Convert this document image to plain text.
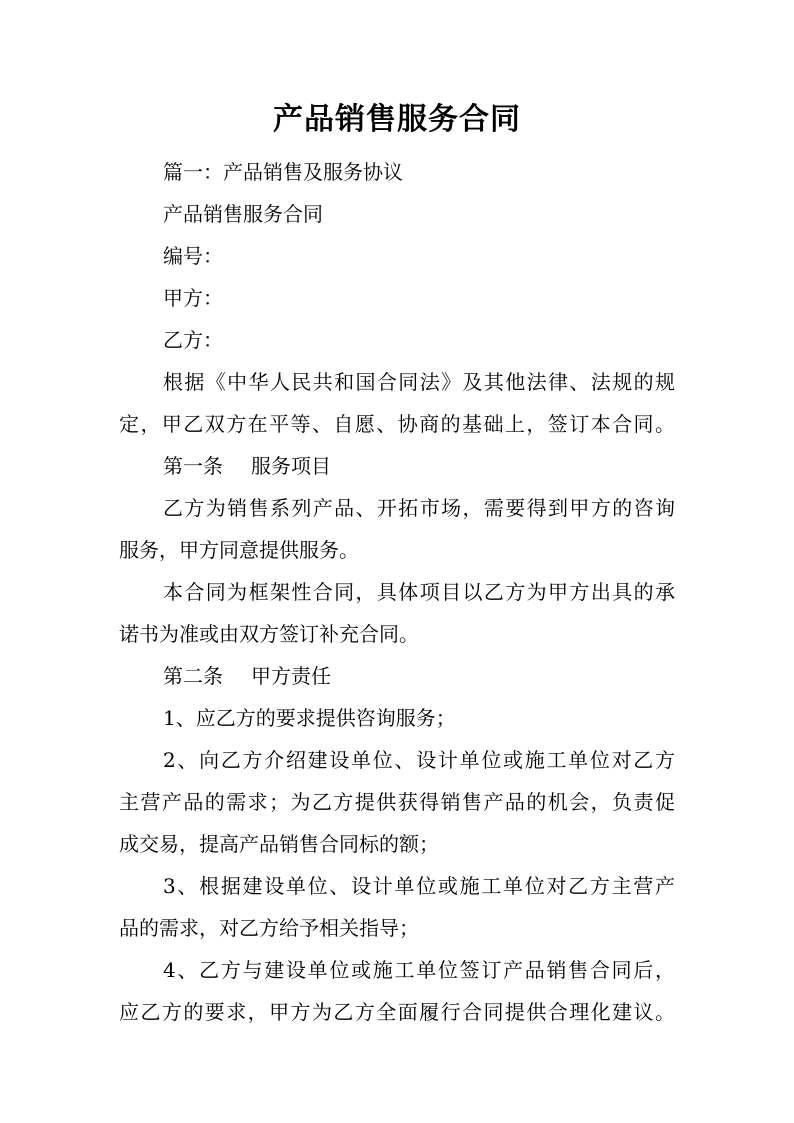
产品销售服务合同
篇一：产品销售及服务协议
产品销售服务合同
编号：
甲方：
乙方：
根据《中华人民共和国合同法》及其他法律、法规的规
定，甲乙双方在平等、自愿、协商的基础上，签订本合同。
第一条 服务项目
乙方为销售系列产品、开拓市场，需要得到甲方的咨询
服务，甲方同意提供服务。
本合同为框架性合同，具体项目以乙方为甲方出具的承
诺书为准或由双方签订补充合同。
第二条 甲方责任
1、应乙方的要求提供咨询服务；
2、向乙方介绍建设单位、设计单位或施工单位对乙方
主营产品的需求；为乙方提供获得销售产品的机会，负责促
成交易，提高产品销售合同标的额；
3、根据建设单位、设计单位或施工单位对乙方主营产
品的需求，对乙方给予相关指导；
4、乙方与建设单位或施工单位签订产品销售合同后，
应乙方的要求，甲方为乙方全面履行合同提供合理化建议。
